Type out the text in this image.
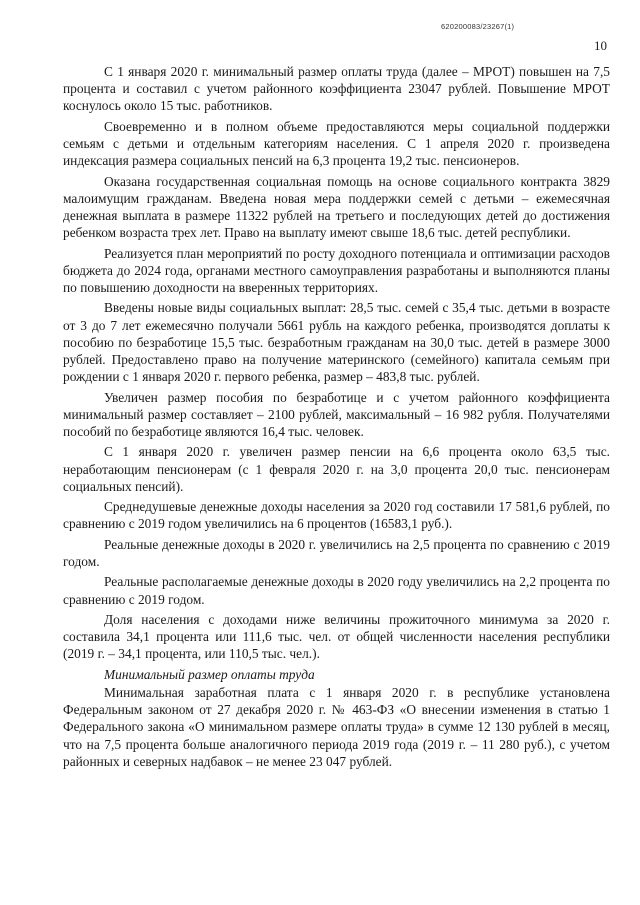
620200083/23267(1)
10

С 1 января 2020 г. минимальный размер оплаты труда (далее – МРОТ) повышен на 7,5 процента и составил с учетом районного коэффициента 23047 рублей. Повышение МРОТ коснулось около 15 тыс. работников.

Своевременно и в полном объеме предоставляются меры социальной поддержки семьям с детьми и отдельным категориям населения. С 1 апреля 2020 г. произведена индексация размера социальных пенсий на 6,3 процента 19,2 тыс. пенсионеров.

Оказана государственная социальная помощь на основе социального контракта 3829 малоимущим гражданам. Введена новая мера поддержки семей с детьми – ежемесячная денежная выплата в размере 11322 рублей на третьего и последующих детей до достижения ребенком возраста трех лет. Право на выплату имеют свыше 18,6 тыс. детей республики.

Реализуется план мероприятий по росту доходного потенциала и оптимизации расходов бюджета до 2024 года, органами местного самоуправления разработаны и выполняются планы по повышению доходности на вверенных территориях.

Введены новые виды социальных выплат: 28,5 тыс. семей с 35,4 тыс. детьми в возрасте от 3 до 7 лет ежемесячно получали 5661 рубль на каждого ребенка, производятся доплаты к пособию по безработице 15,5 тыс. безработным гражданам на 30,0 тыс. детей в размере 3000 рублей. Предоставлено право на получение материнского (семейного) капитала семьям при рождении с 1 января 2020 г. первого ребенка, размер – 483,8 тыс. рублей.

Увеличен размер пособия по безработице и с учетом районного коэффициента минимальный размер составляет – 2100 рублей, максимальный – 16 982 рубля. Получателями пособий по безработице являются 16,4 тыс. человек.

С 1 января 2020 г. увеличен размер пенсии на 6,6 процента около 63,5 тыс. неработающим пенсионерам (с 1 февраля 2020 г. на 3,0 процента 20,0 тыс. пенсионерам социальных пенсий).

Среднедушевые денежные доходы населения за 2020 год составили 17 581,6 рублей, по сравнению с 2019 годом увеличились на 6 процентов (16583,1 руб.).

Реальные денежные доходы в 2020 г. увеличились на 2,5 процента по сравнению с 2019 годом.

Реальные располагаемые денежные доходы в 2020 году увеличились на 2,2 процента по сравнению с 2019 годом.

Доля населения с доходами ниже величины прожиточного минимума за 2020 г. составила 34,1 процента или 111,6 тыс. чел. от общей численности населения республики (2019 г. – 34,1 процента, или 110,5 тыс. чел.).

Минимальный размер оплаты труда

Минимальная заработная плата с 1 января 2020 г. в республике установлена Федеральным законом от 27 декабря 2020 г. № 463-ФЗ «О внесении изменения в статью 1 Федерального закона «О минимальном размере оплаты труда» в сумме 12 130 рублей в месяц, что на 7,5 процента больше аналогичного периода 2019 года (2019 г. – 11 280 руб.), с учетом районных и северных надбавок – не менее 23 047 рублей.
